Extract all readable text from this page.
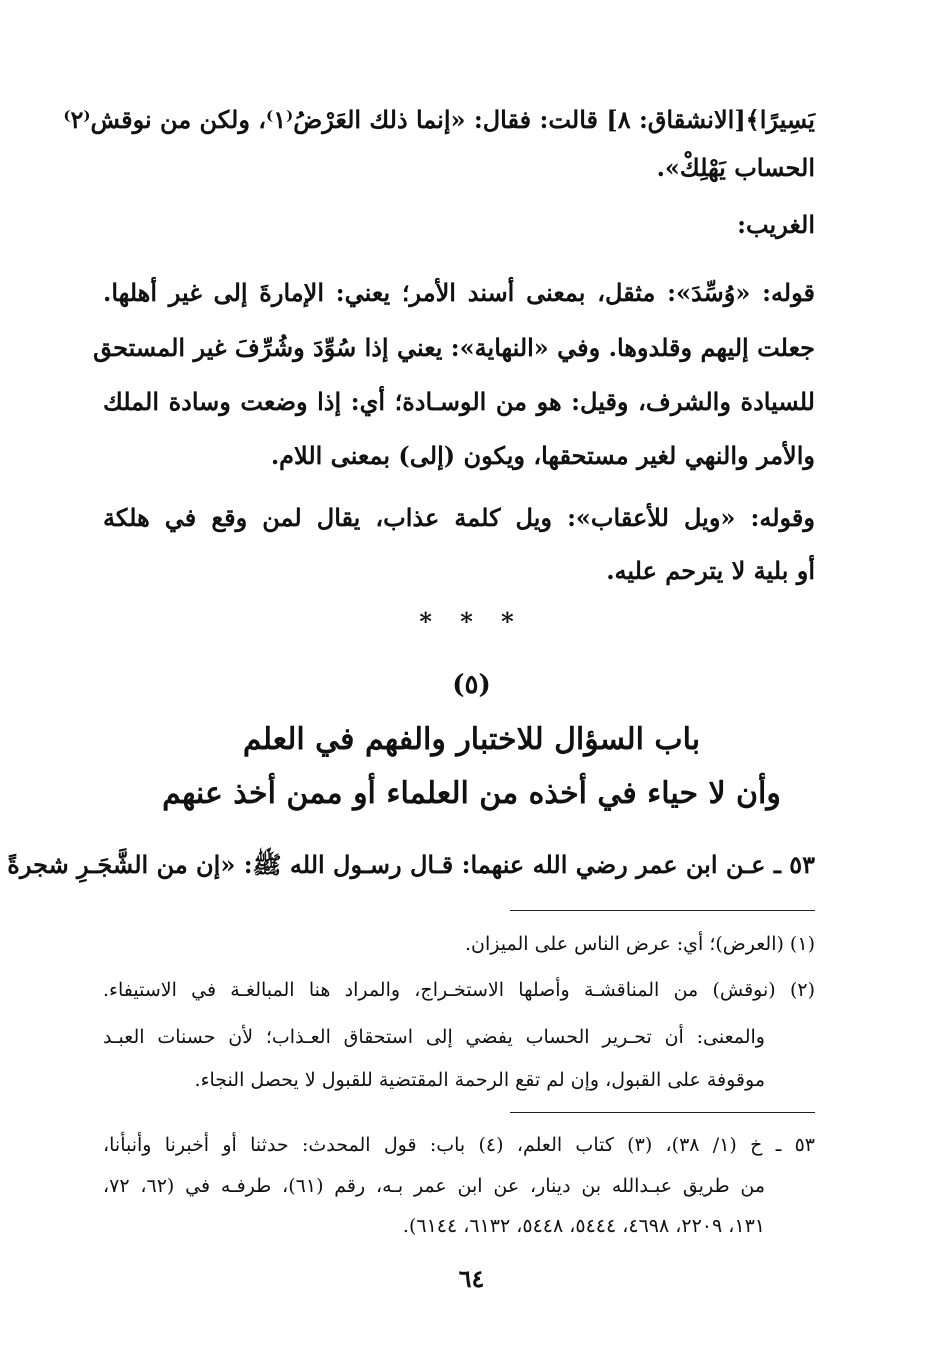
يَسِيرًا﴾[الانشقاق: ٨] قالت: فقال: «إنما ذلك العَرْضُ⁽١⁾، ولكن من نوقش⁽٢⁾
الحساب يَهْلِكْ».
الغريب:
قوله: «وُسِّدَ»: مثقل، بمعنى أسند الأمر؛ يعني: الإمارةَ إلى غير أهلها.
جعلت إليهم وقلدوها. وفي «النهاية»: يعني إذا سُوِّدَ وشُرِّفَ غير المستحق
للسيادة والشرف، وقيل: هو من الوسـادة؛ أي: إذا وضعت وسادة الملك
والأمر والنهي لغير مستحقها، ويكون (إلى) بمعنى اللام.
وقوله: «ويل للأعقاب»: ويل كلمة عذاب، يقال لمن وقع في هلكة
أو بلية لا يترحم عليه.
* * *
(٥)
باب السؤال للاختبار والفهم في العلم
وأن لا حياء في أخذه من العلماء أو ممن أخذ عنهم
٥٣ ـ عـن ابن عمر رضي الله عنهما: قـال رسـول الله ﷺ: «إن من الشَّجَـرِ شجرةً
(١) (العرض)؛ أي: عرض الناس على الميزان.
(٢) (نوقش) من المناقشـة وأصلها الاستخـراج، والمراد هنا المبالغـة في الاستيفاء.
والمعنى: أن تحـرير الحساب يفضي إلى استحقاق العـذاب؛ لأن حسنات العبـد
موقوفة على القبول، وإن لم تقع الرحمة المقتضية للقبول لا يحصل النجاء.
٥٣ ـ خ (١/ ٣٨)، (٣) كتاب العلم، (٤) باب: قول المحدث: حدثنا أو أخبرنا وأنبأنا،
من طريق عبـدالله بن دينار، عن ابن عمر بـه، رقم (٦١)، طرفـه في (٦٢، ٧٢،
١٣١، ٢٢٠٩، ٤٦٩٨، ٥٤٤٤، ٥٤٤٨، ٦١٣٢، ٦١٤٤).
٦٤
